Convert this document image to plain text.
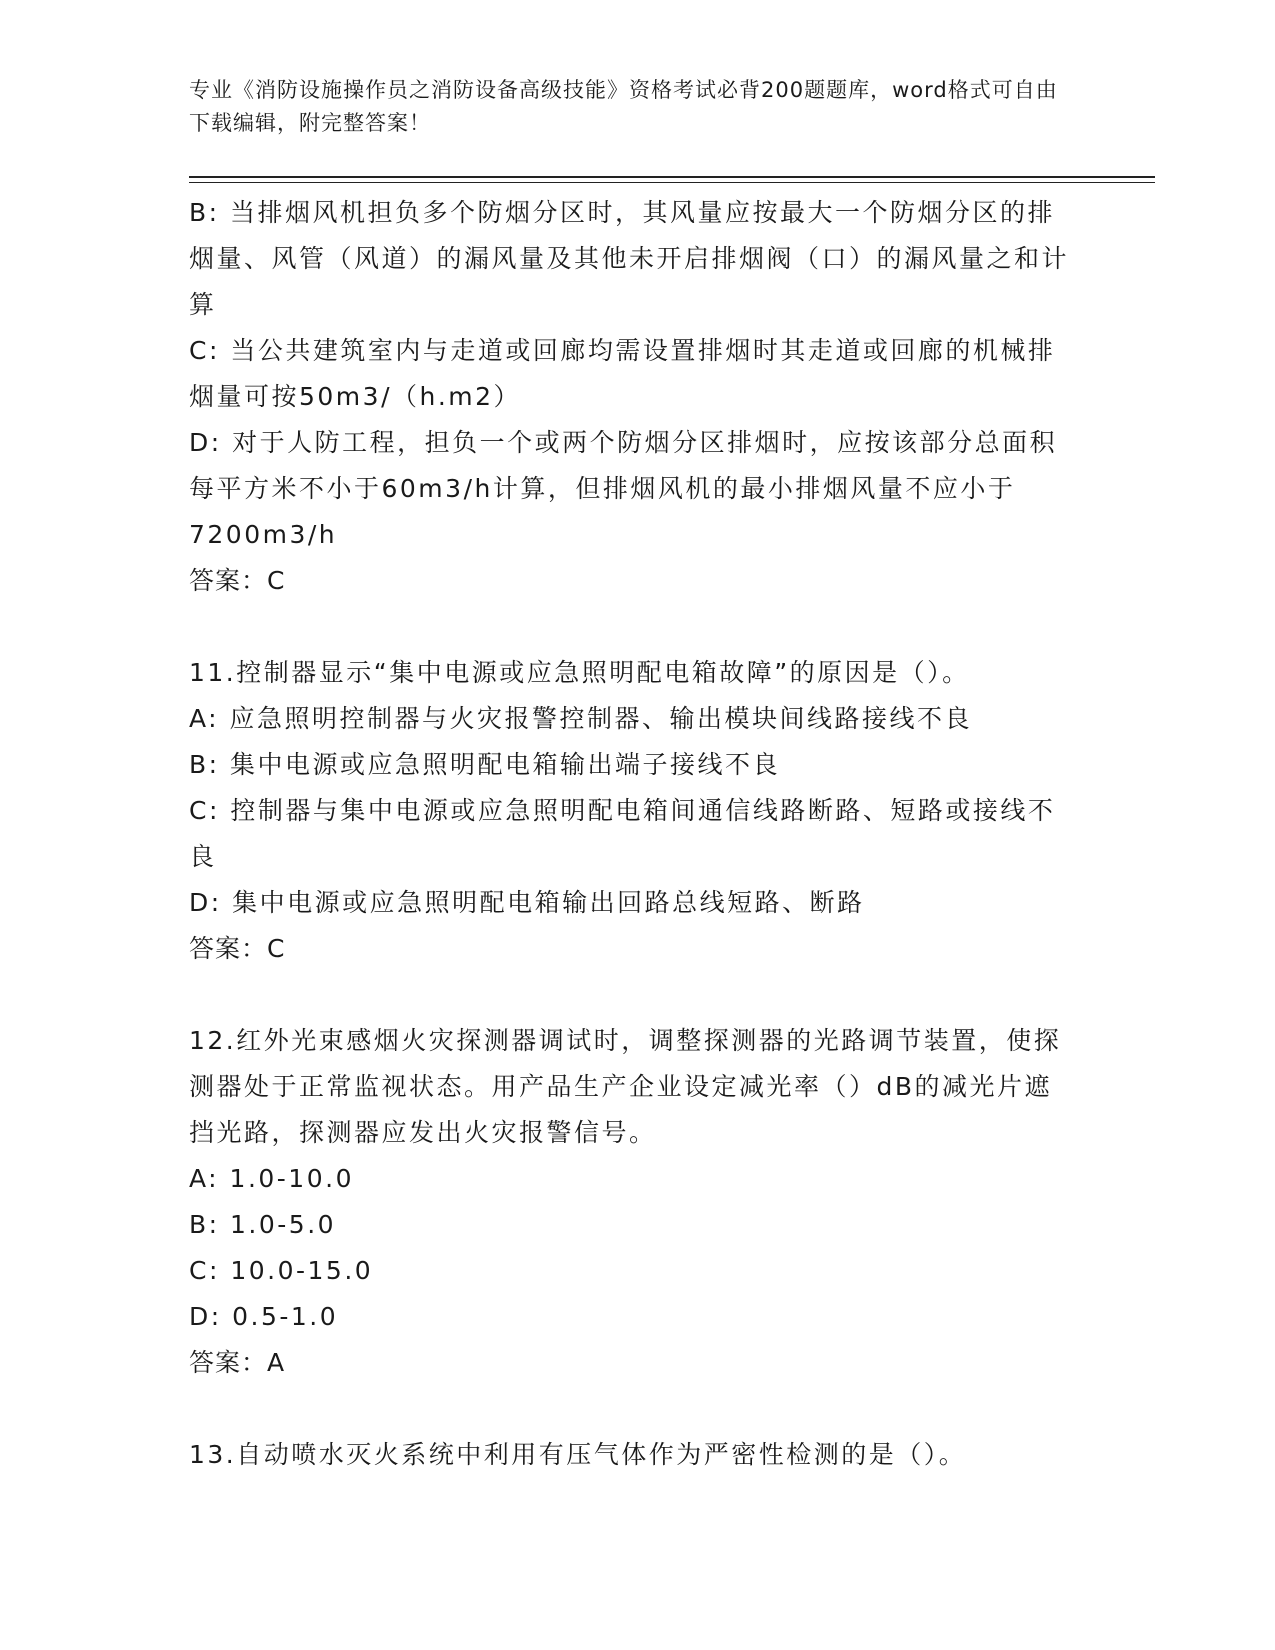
专业《消防设施操作员之消防设备高级技能》资格考试必背200题题库，word格式可自由下载编辑，附完整答案！

B: 当排烟风机担负多个防烟分区时，其风量应按最大一个防烟分区的排烟量、风管（风道）的漏风量及其他未开启排烟阀（口）的漏风量之和计算

C: 当公共建筑室内与走道或回廊均需设置排烟时其走道或回廊的机械排烟量可按50m3/（h.m2）

D: 对于人防工程，担负一个或两个防烟分区排烟时，应按该部分总面积每平方米不小于60m3/h计算，但排烟风机的最小排烟风量不应小于7200m3/h

答案：C

11.控制器显示“集中电源或应急照明配电箱故障”的原因是（）。

A: 应急照明控制器与火灾报警控制器、输出模块间线路接线不良

B: 集中电源或应急照明配电箱输出端子接线不良

C: 控制器与集中电源或应急照明配电箱间通信线路断路、短路或接线不良

D: 集中电源或应急照明配电箱输出回路总线短路、断路

答案：C

12.红外光束感烟火灾探测器调试时，调整探测器的光路调节装置，使探测器处于正常监视状态。用产品生产企业设定减光率（）dB的减光片遮挡光路，探测器应发出火灾报警信号。

A: 1.0-10.0

B: 1.0-5.0

C: 10.0-15.0

D: 0.5-1.0

答案：A

13.自动喷水灭火系统中利用有压气体作为严密性检测的是（）。
